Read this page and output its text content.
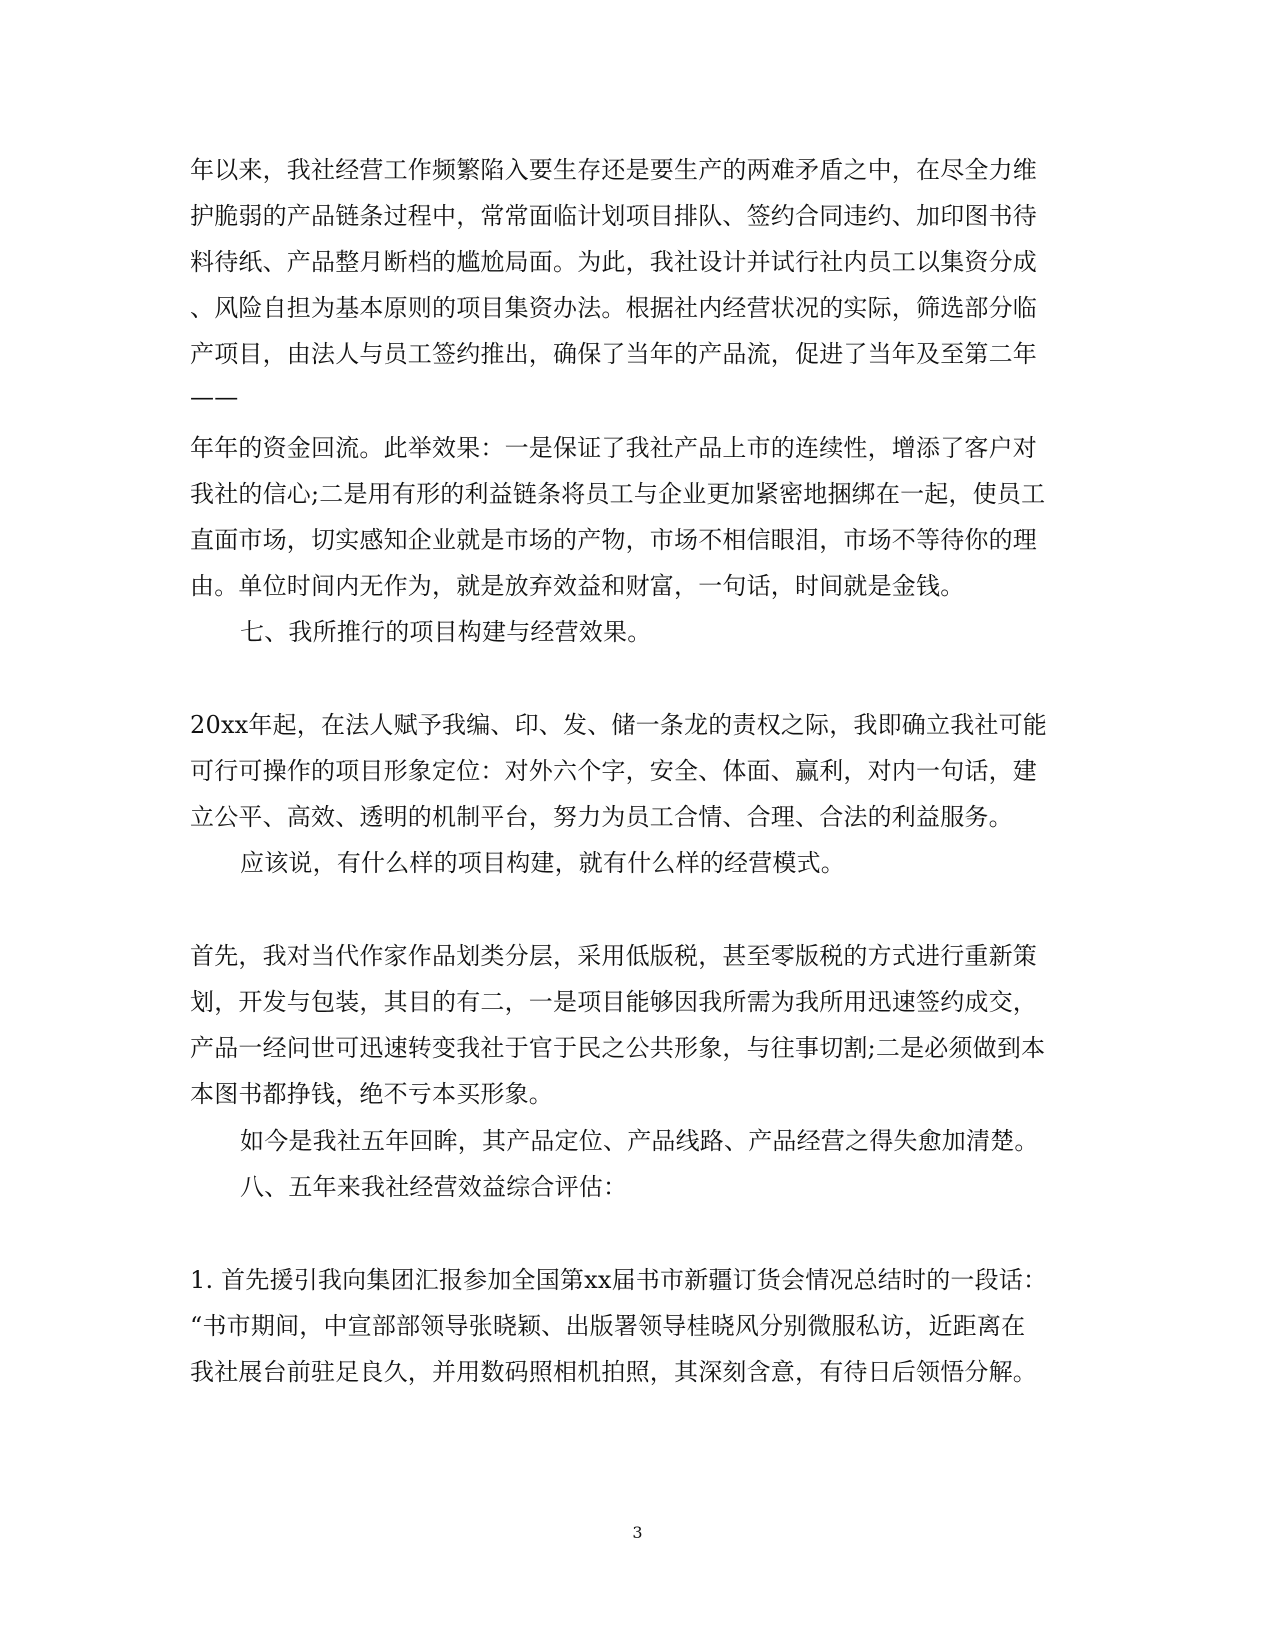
年以来，我社经营工作频繁陷入要生存还是要生产的两难矛盾之中，在尽全力维
护脆弱的产品链条过程中，常常面临计划项目排队、签约合同违约、加印图书待
料待纸、产品整月断档的尴尬局面。为此，我社设计并试行社内员工以集资分成
、风险自担为基本原则的项目集资办法。根据社内经营状况的实际，筛选部分临
产项目，由法人与员工签约推出，确保了当年的产品流，促进了当年及至第二年
——
年年的资金回流。此举效果：一是保证了我社产品上市的连续性，增添了客户对
我社的信心;二是用有形的利益链条将员工与企业更加紧密地捆绑在一起，使员工
直面市场，切实感知企业就是市场的产物，市场不相信眼泪，市场不等待你的理
由。单位时间内无作为，就是放弃效益和财富，一句话，时间就是金钱。
七、我所推行的项目构建与经营效果。
20xx年起，在法人赋予我编、印、发、储一条龙的责权之际，我即确立我社可能
可行可操作的项目形象定位：对外六个字，安全、体面、赢利，对内一句话，建
立公平、高效、透明的机制平台，努力为员工合情、合理、合法的利益服务。
应该说，有什么样的项目构建，就有什么样的经营模式。
首先，我对当代作家作品划类分层，采用低版税，甚至零版税的方式进行重新策
划，开发与包装，其目的有二，一是项目能够因我所需为我所用迅速签约成交，
产品一经问世可迅速转变我社于官于民之公共形象，与往事切割;二是必须做到本
本图书都挣钱，绝不亏本买形象。
如今是我社五年回眸，其产品定位、产品线路、产品经营之得失愈加清楚。
八、五年来我社经营效益综合评估：
1. 首先援引我向集团汇报参加全国第xx届书市新疆订货会情况总结时的一段话：
“书市期间，中宣部部领导张晓颖、出版署领导桂晓风分别微服私访，近距离在
我社展台前驻足良久，并用数码照相机拍照，其深刻含意，有待日后领悟分解。
3
